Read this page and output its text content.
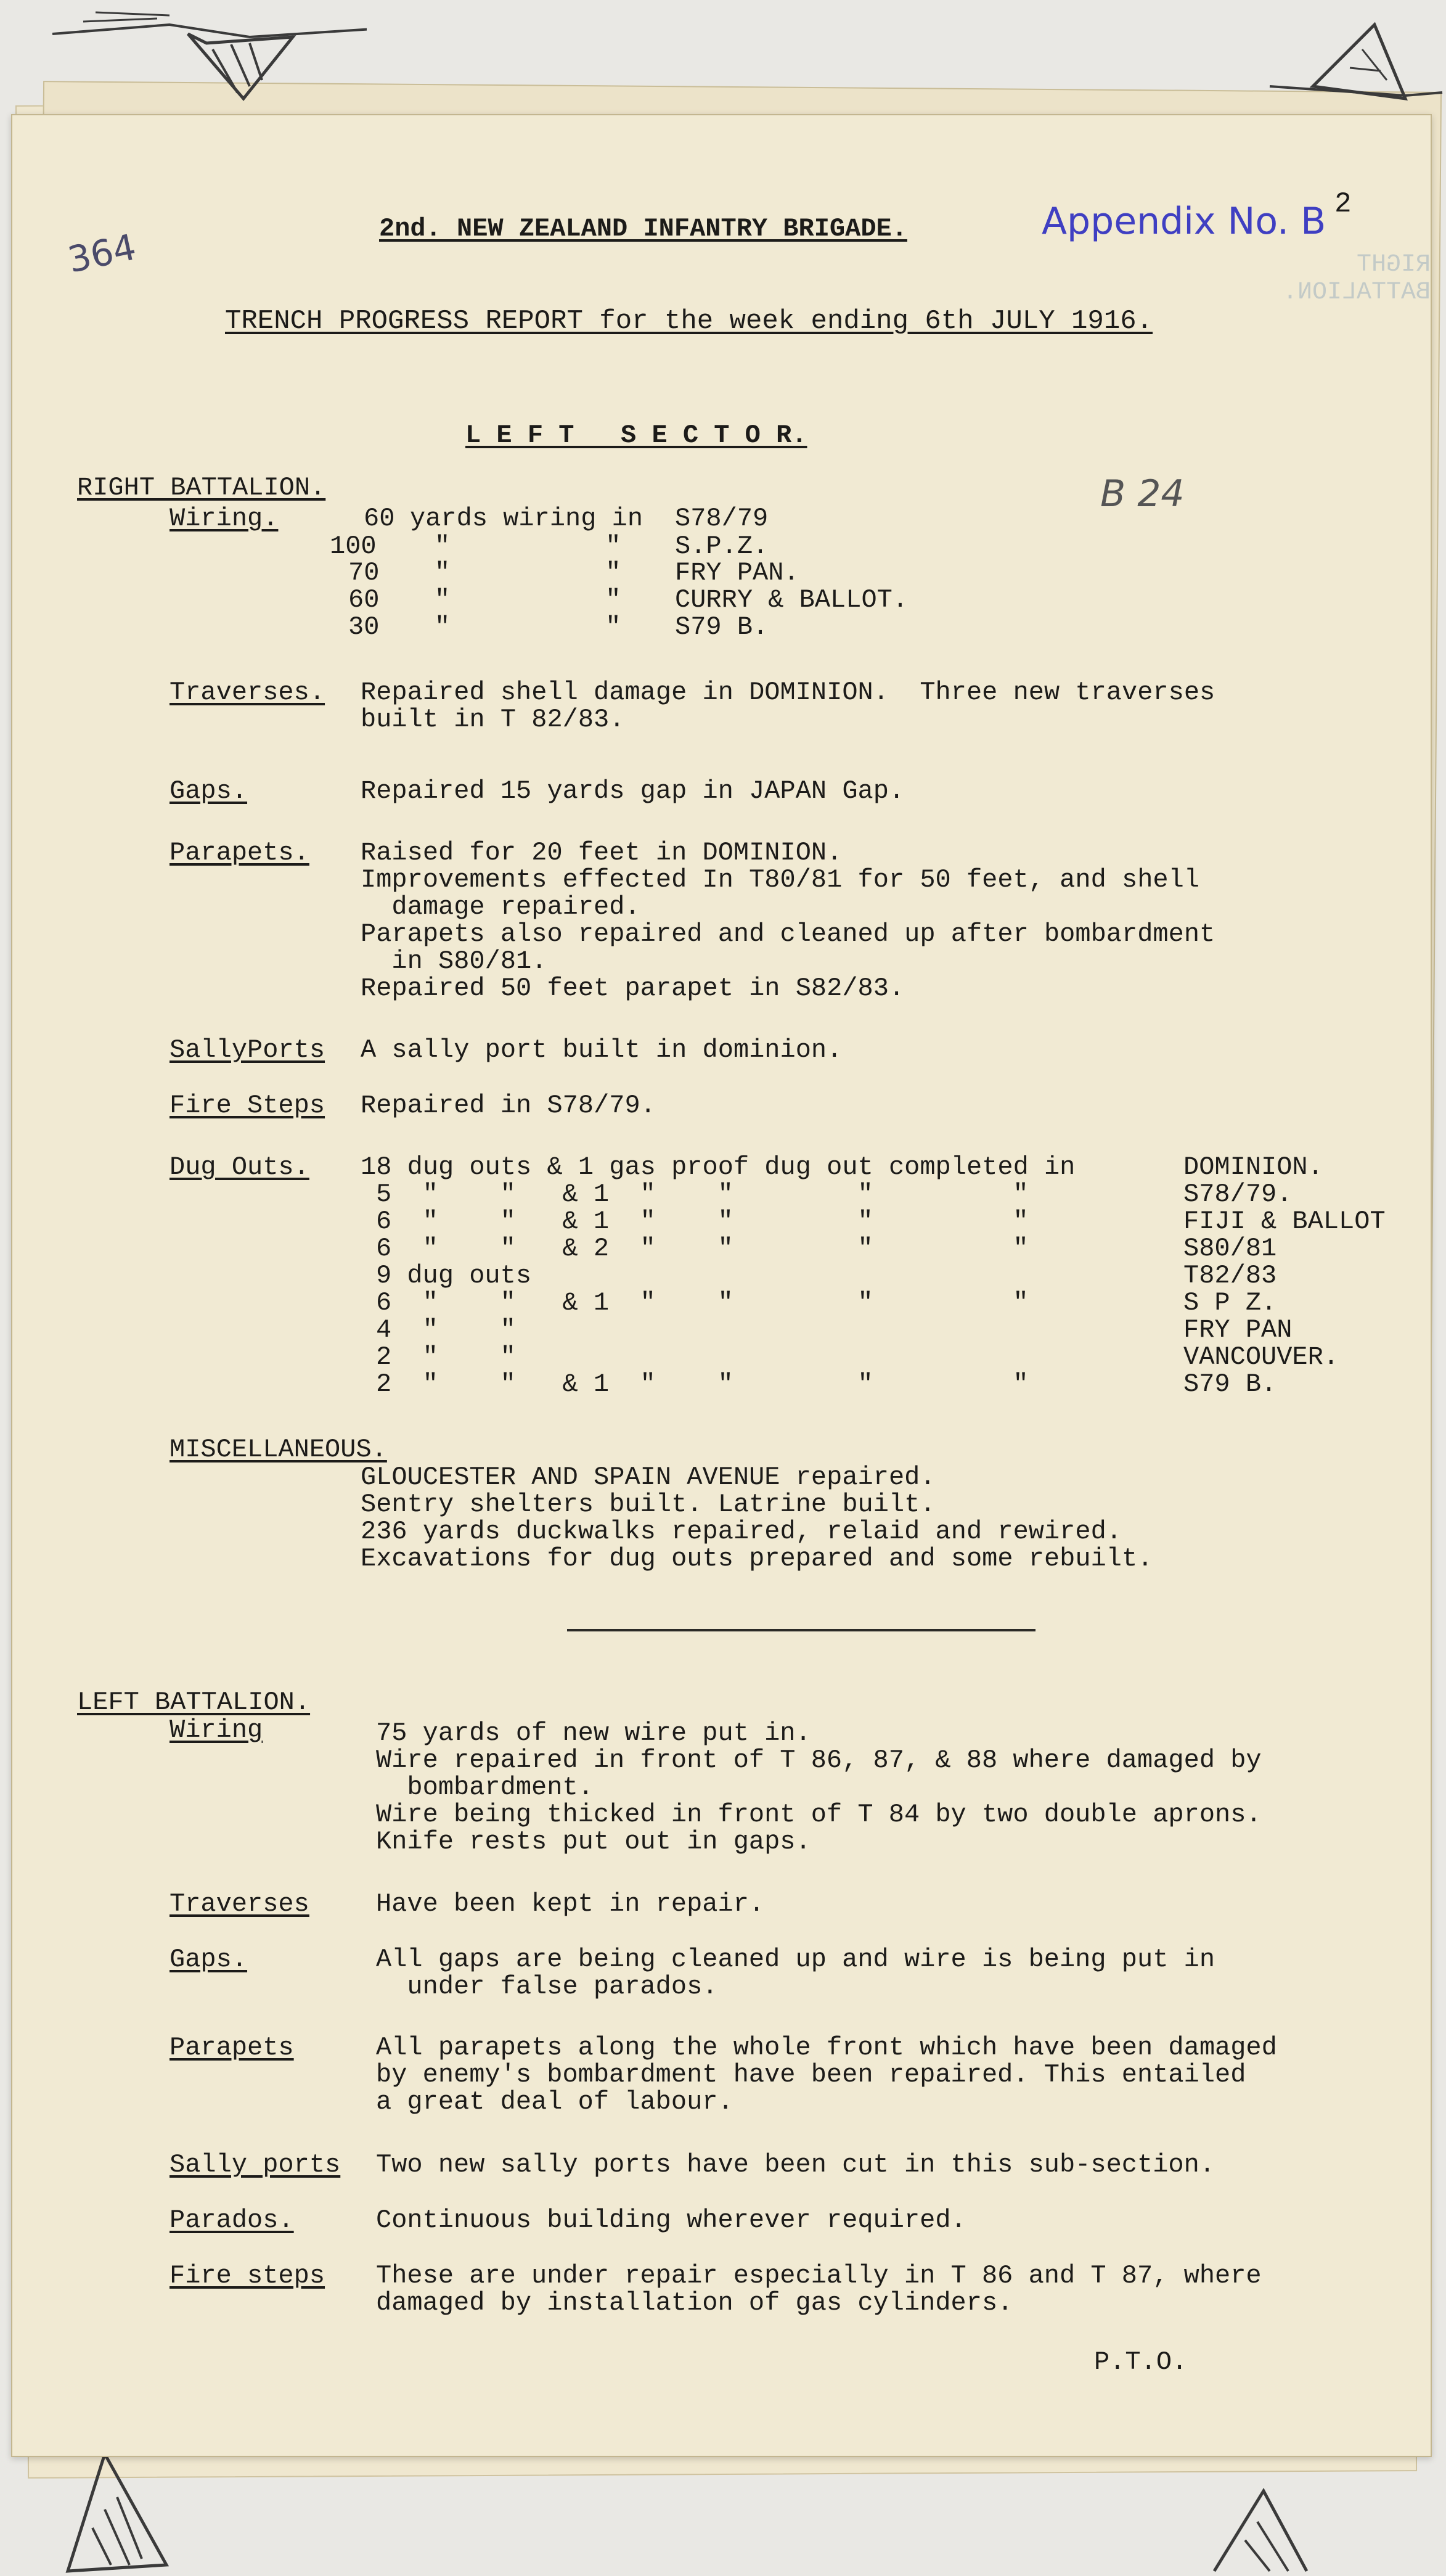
RIGHT BATTALION.
364	2nd. NEW ZEALAND INFANTRY BRIGADE.	Appendix No. B 2
TRENCH PROGRESS REPORT for the week ending 6th JULY 1916.
L E F T   S E C T O R.
B 24
RIGHT BATTALION.
Wiring.	60 yards wiring in S78/79
100 "          " S.P.Z.
70 "          " FRY PAN.
60 "          " CURRY & BALLOT.
30 "          " S79 B.
Traverses. Repaired shell damage in DOMINION.  Three new traverses
built in T 82/83.
Gaps.	Repaired 15 yards gap in JAPAN Gap.
Parapets. Raised for 20 feet in DOMINION.
Improvements effected In T80/81 for 50 feet, and shell
damage repaired.
Parapets also repaired and cleaned up after bombardment
in S80/81.
Repaired 50 feet parapet in S82/83.
SallyPorts A sally port built in dominion.
Fire Steps Repaired in S78/79.
Dug Outs. 18 dug outs & 1 gas proof dug out completed in	DOMINION.
5  "    "   & 1  "    "        "         "	S78/79.
6  "    "   & 1  "    "        "         "	FIJI & BALLOT
6  "    "   & 2  "    "        "         "	S80/81
9 dug outs	T82/83
6  "    "   & 1  "    "        "         "	S P Z.
4  "    "	FRY PAN
2  "    "	VANCOUVER.
2  "    "   & 1  "    "        "         "	S79 B.
MISCELLANEOUS.
GLOUCESTER AND SPAIN AVENUE repaired.
Sentry shelters built. Latrine built.
236 yards duckwalks repaired, relaid and rewired.
Excavations for dug outs prepared and some rebuilt.
LEFT BATTALION.
Wiring	75 yards of new wire put in.
Wire repaired in front of T 86, 87, & 88 where damaged by
bombardment.
Wire being thicked in front of T 84 by two double aprons.
Knife rests put out in gaps.
Traverses	Have been kept in repair.
Gaps.	All gaps are being cleaned up and wire is being put in
under false parados.
Parapets	All parapets along the whole front which have been damaged
by enemy's bombardment have been repaired. This entailed
a great deal of labour.
Sally ports Two new sally ports have been cut in this sub-section.
Parados.	Continuous building wherever required.
Fire steps These are under repair especially in T 86 and T 87, where
damaged by installation of gas cylinders.
P.T.O.
